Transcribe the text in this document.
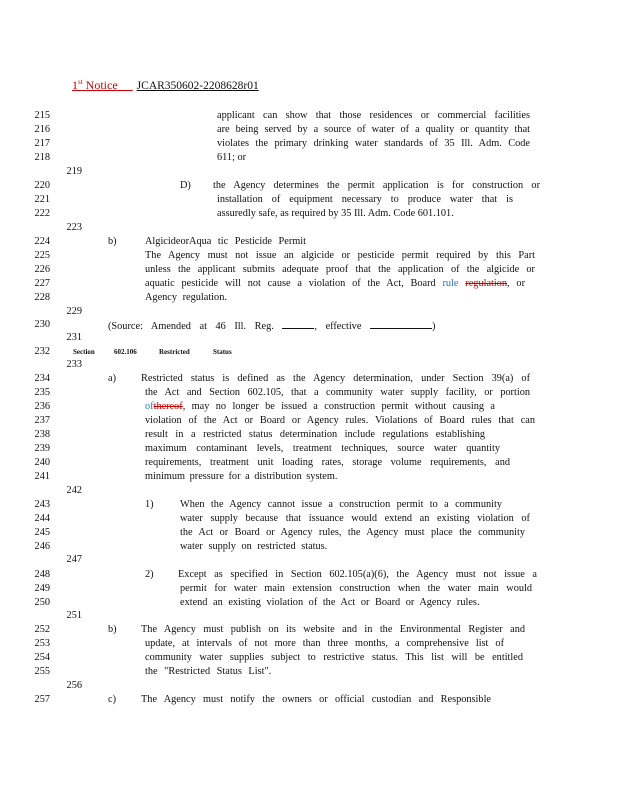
1st Notice JCAR350602-2208628r01
215	applicant can show that those residences or commercial facilities
216	are being served by a source of water of a quality or quantity that
217	violates the primary drinking water standards of 35 Ill. Adm. Code
218	611; or
219
220	D) the Agency determines the permit application is for construction or
221	installation of equipment necessary to produce water that is
222	assuredly safe, as required by 35 Ill. Adm. Code 601.101.
223
224	b)	AlgicideorAqua tic Pesticide Permit
225	The Agency must not issue an algicide or pesticide permit required by this Part
226	unless the applicant submits adequate proof that the application of the algicide or
227	aquatic pesticide will not cause a violation of the Act, Board rule regulation, or
228	Agency regulation.
229
230	(Source: Amended at 46 Ill. Reg.	, effective	)
231
232	Section	602.106	Restricted	Status
233
234	a) Restricted status is defined as the Agency determination, under Section 39(a) of
235	the Act and Section 602.105, that a community water supply facility, or portion
236	ofthereof, may no longer be issued a construction permit without causing a
237	violation of the Act or Board or Agency rules. Violations of Board rules that can
238	result in a restricted status determination include regulations establishing
239	maximum contaminant levels, treatment techniques, source water quantity
240	requirements, treatment unit loading rates, storage volume requirements, and
241	minimum pressure for a distribution system.
242
243	1)	When the Agency cannot issue a construction permit to a community
244	water supply because that issuance would extend an existing violation of
245	the Act or Board or Agency rules, the Agency must place the community
246	water supply on restricted status.
247
248	2) Except as specified in Section 602.105(a)(6), the Agency must not issue a
249	permit for water main extension construction when the water main would
250	extend an existing violation of the Act or Board or Agency rules.
251
252	b) The Agency must publish on its website and in the Environmental Register and
253	update, at intervals of not more than three months, a comprehensive list of
254	community water supplies subject to restrictive status. This list will be entitled
255	the "Restricted Status List".
256
257	c) The Agency must notify the owners or official custodian and Responsible
